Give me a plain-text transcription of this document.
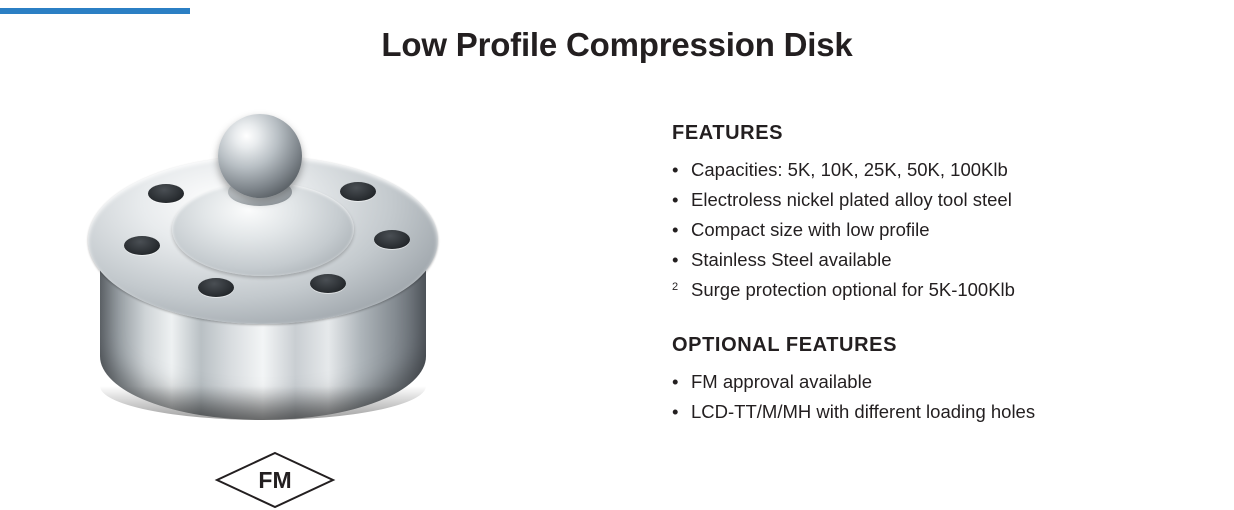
Low Profile Compression Disk
FM
FEATURES
• Capacities: 5K, 10K, 25K, 50K, 100Klb
• Electroless nickel plated alloy tool steel
• Compact size with low profile
• Stainless Steel available
2 Surge protection optional for 5K-100Klb
OPTIONAL FEATURES
• FM approval available
• LCD-TT/M/MH with different loading holes
